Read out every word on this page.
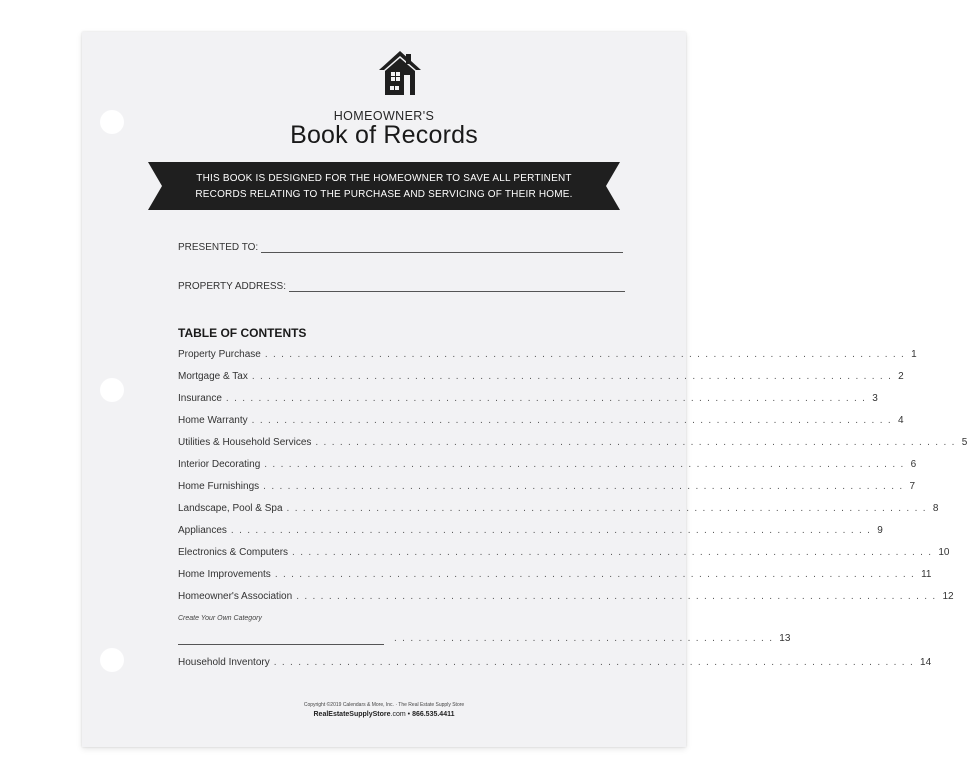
HOMEOWNER'S
Book of Records
THIS BOOK IS DESIGNED FOR THE HOMEOWNER TO SAVE ALL PERTINENT
RECORDS RELATING TO THE PURCHASE AND SERVICING OF THEIR HOME.
PRESENTED TO:
PROPERTY ADDRESS:
TABLE OF CONTENTS
Property Purchase . . . . . . . . . . . . . . . . . . . . . . . . . . . . . . . . . . . . . . . . . . . . . . . . . . . . . . . . . . . . . . . . . . . . . . . . . . . . . . . 1
Mortgage & Tax . . . . . . . . . . . . . . . . . . . . . . . . . . . . . . . . . . . . . . . . . . . . . . . . . . . . . . . . . . . . . . . . . . . . . . . . . . . . . . . 2
Insurance . . . . . . . . . . . . . . . . . . . . . . . . . . . . . . . . . . . . . . . . . . . . . . . . . . . . . . . . . . . . . . . . . . . . . . . . . . . . . . . 3
Home Warranty . . . . . . . . . . . . . . . . . . . . . . . . . . . . . . . . . . . . . . . . . . . . . . . . . . . . . . . . . . . . . . . . . . . . . . . . . . . . . . . 4
Utilities & Household Services . . . . . . . . . . . . . . . . . . . . . . . . . . . . . . . . . . . . . . . . . . . . . . . . . . . . . . . . . . . . . . . . . . . . . . . . . . . . . . . 5
Interior Decorating . . . . . . . . . . . . . . . . . . . . . . . . . . . . . . . . . . . . . . . . . . . . . . . . . . . . . . . . . . . . . . . . . . . . . . . . . . . . . . . 6
Home Furnishings . . . . . . . . . . . . . . . . . . . . . . . . . . . . . . . . . . . . . . . . . . . . . . . . . . . . . . . . . . . . . . . . . . . . . . . . . . . . . . . 7
Landscape, Pool & Spa . . . . . . . . . . . . . . . . . . . . . . . . . . . . . . . . . . . . . . . . . . . . . . . . . . . . . . . . . . . . . . . . . . . . . . . . . . . . . . . 8
Appliances . . . . . . . . . . . . . . . . . . . . . . . . . . . . . . . . . . . . . . . . . . . . . . . . . . . . . . . . . . . . . . . . . . . . . . . . . . . . . . . 9
Electronics & Computers . . . . . . . . . . . . . . . . . . . . . . . . . . . . . . . . . . . . . . . . . . . . . . . . . . . . . . . . . . . . . . . . . . . . . . . . . . . . . . . 10
Home Improvements . . . . . . . . . . . . . . . . . . . . . . . . . . . . . . . . . . . . . . . . . . . . . . . . . . . . . . . . . . . . . . . . . . . . . . . . . . . . . . . 11
Homeowner's Association . . . . . . . . . . . . . . . . . . . . . . . . . . . . . . . . . . . . . . . . . . . . . . . . . . . . . . . . . . . . . . . . . . . . . . . . . . . . . . . 12
Create Your Own Category
. . . . . . . . . . . . . . . . . . . . . . . . . . . . . . . . . . . . . . . . . . . . . . . 13
Household Inventory . . . . . . . . . . . . . . . . . . . . . . . . . . . . . . . . . . . . . . . . . . . . . . . . . . . . . . . . . . . . . . . . . . . . . . . . . . . . . . . 14
Copyright ©2019 Calendars & More, Inc. · The Real Estate Supply Store
RealEstateSupplyStore.com • 866.535.4411
